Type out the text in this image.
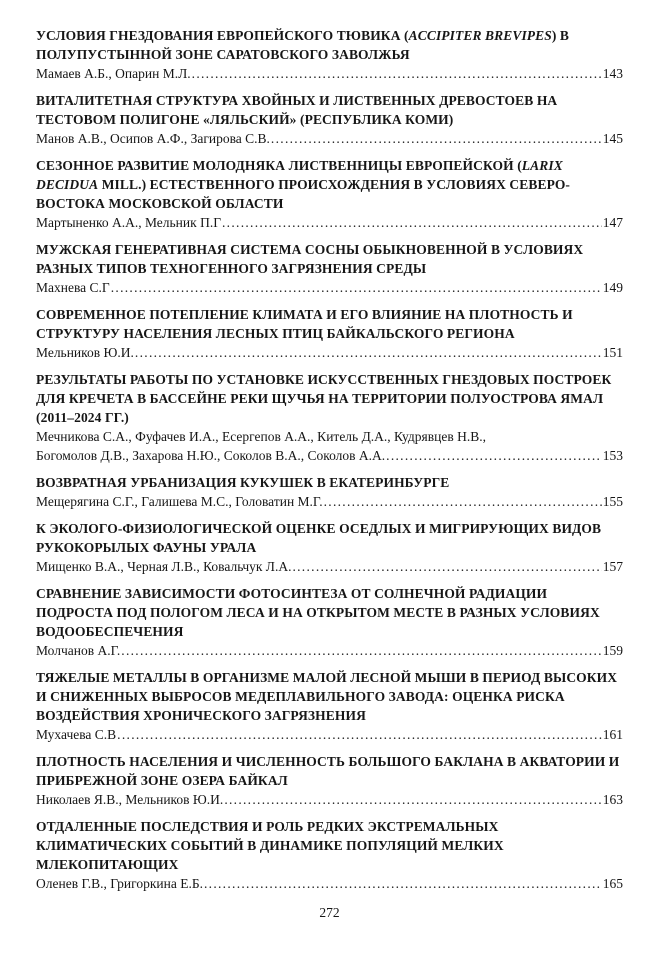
УСЛОВИЯ ГНЕЗДОВАНИЯ ЕВРОПЕЙСКОГО ТЮВИКА (ACCIPITER BREVIPES) В
ПОЛУПУСТЫННОЙ ЗОНЕ САРАТОВСКОГО ЗАВОЛЖЬЯ
Мамаев А.Б., Опарин М.Л. .....	143
ВИТАЛИТЕТНАЯ СТРУКТУРА ХВОЙНЫХ И ЛИСТВЕННЫХ ДРЕВОСТОЕВ НА
ТЕСТОВОМ ПОЛИГОНЕ «ЛЯЛЬСКИЙ» (РЕСПУБЛИКА КОМИ)
Манов А.В., Осипов А.Ф., Загирова С.В. .....	145
СЕЗОННОЕ РАЗВИТИЕ МОЛОДНЯКА ЛИСТВЕННИЦЫ ЕВРОПЕЙСКОЙ (LARIX
DECIDUA MILL.) ЕСТЕСТВЕННОГО ПРОИСХОЖДЕНИЯ В УСЛОВИЯХ СЕВЕРО-
ВОСТОКА МОСКОВСКОЙ ОБЛАСТИ
Мартыненко А.А., Мельник П.Г .....	147
МУЖСКАЯ ГЕНЕРАТИВНАЯ СИСТЕМА СОСНЫ ОБЫКНОВЕННОЙ В УСЛОВИЯХ
РАЗНЫХ ТИПОВ ТЕХНОГЕННОГО ЗАГРЯЗНЕНИЯ СРЕДЫ
Махнева С.Г .....	149
СОВРЕМЕННОЕ ПОТЕПЛЕНИЕ КЛИМАТА И ЕГО ВЛИЯНИЕ НА ПЛОТНОСТЬ И
СТРУКТУРУ НАСЕЛЕНИЯ ЛЕСНЫХ ПТИЦ БАЙКАЛЬСКОГО РЕГИОНА
Мельников Ю.И. .....	151
РЕЗУЛЬТАТЫ РАБОТЫ ПО УСТАНОВКЕ ИСКУССТВЕННЫХ ГНЕЗДОВЫХ ПОСТРОЕК
ДЛЯ КРЕЧЕТА В БАССЕЙНЕ РЕКИ ЩУЧЬЯ НА ТЕРРИТОРИИ ПОЛУОСТРОВА ЯМАЛ
(2011–2024 ГГ.)
Мечникова С.А., Фуфачев И.А., Есергепов А.А., Китель Д.А., Кудрявцев Н.В.,
Богомолов Д.В., Захарова Н.Ю., Соколов В.А., Соколов А.А. .....	153
ВОЗВРАТНАЯ УРБАНИЗАЦИЯ КУКУШЕК В ЕКАТЕРИНБУРГЕ
Мещерягина С.Г., Галишева М.С., Головатин М.Г. .....	155
К ЭКОЛОГО-ФИЗИОЛОГИЧЕСКОЙ ОЦЕНКЕ ОСЕДЛЫХ И МИГРИРУЮЩИХ ВИДОВ
РУКОКОРЫЛЫХ ФАУНЫ УРАЛА
Мищенко В.А., Черная Л.В., Ковальчук Л.А. .....	157
СРАВНЕНИЕ ЗАВИСИМОСТИ ФОТОСИНТЕЗА ОТ СОЛНЕЧНОЙ РАДИАЦИИ
ПОДРОСТА ПОД ПОЛОГОМ ЛЕСА И НА ОТКРЫТОМ МЕСТЕ В РАЗНЫХ УСЛОВИЯХ
ВОДООБЕСПЕЧЕНИЯ
Молчанов А.Г. .....	159
ТЯЖЕЛЫЕ МЕТАЛЛЫ В ОРГАНИЗМЕ МАЛОЙ ЛЕСНОЙ МЫШИ В ПЕРИОД ВЫСОКИХ
И СНИЖЕННЫХ ВЫБРОСОВ МЕДЕПЛАВИЛЬНОГО ЗАВОДА: ОЦЕНКА РИСКА
ВОЗДЕЙСТВИЯ ХРОНИЧЕСКОГО ЗАГРЯЗНЕНИЯ
Мухачева С.В .....	161
ПЛОТНОСТЬ НАСЕЛЕНИЯ И ЧИСЛЕННОСТЬ БОЛЬШОГО БАКЛАНА В АКВАТОРИИ И
ПРИБРЕЖНОЙ ЗОНЕ ОЗЕРА БАЙКАЛ
Николаев Я.В., Мельников Ю.И. .....	163
ОТДАЛЕННЫЕ ПОСЛЕДСТВИЯ И РОЛЬ РЕДКИХ ЭКСТРЕМАЛЬНЫХ
КЛИМАТИЧЕСКИХ СОБЫТИЙ В ДИНАМИКЕ ПОПУЛЯЦИЙ МЕЛКИХ
МЛЕКОПИТАЮЩИХ
Оленев Г.В., Григоркина Е.Б. .....	165
272
